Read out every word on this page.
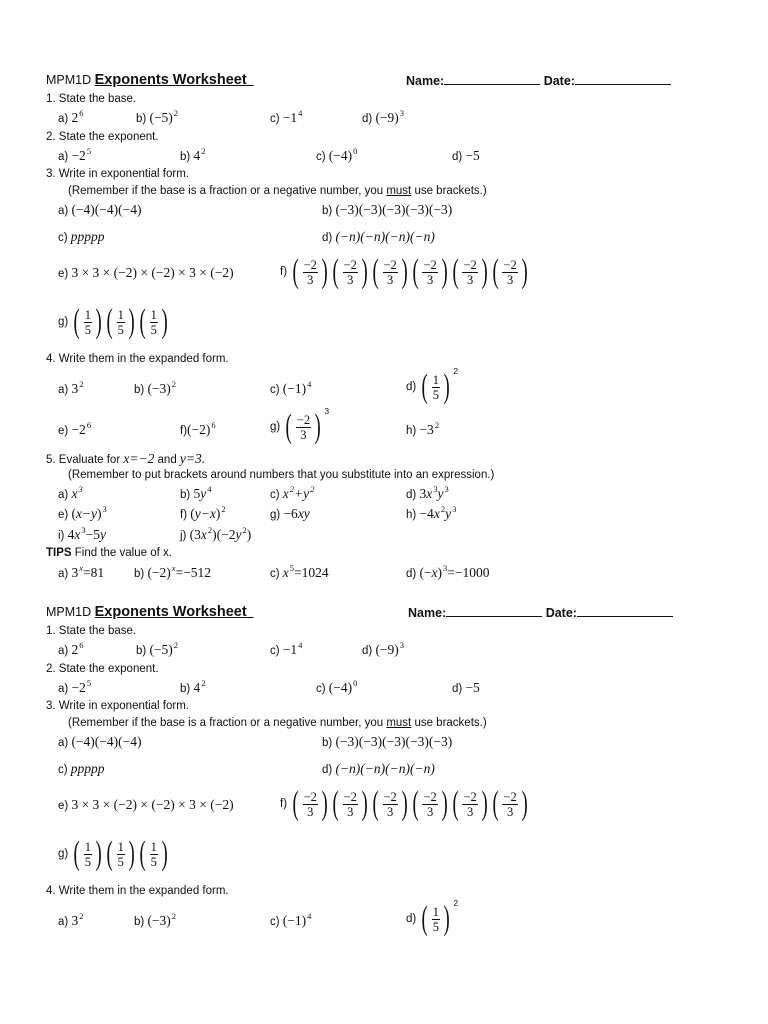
MPM1D Exponents Worksheet	Name:	Date:
1. State the base.
a) $2^6$	b) $(-5)^2$	$c) -1^4$	d) $(-9)^3$
2. State the exponent.
$a) -2^5$	b) $4^2$	c) $(-4)^0$	d) −5
3. Write in exponential form.
(Remember if the base is a fraction or a negative number, you must use brackets.)
a) (−4)(−4)(−4)	b) (−3)(−3)(−3)(−3)(−3)
c) ppppp	d) (−n)(−n)(−n)(−n)
e) 3 × 3 × (−2) × (−2) × 3 × (−2)	f) ( $\frac{-2}{3}$ ) ( $\frac{-2}{3}$ ) ( $\frac{-2}{3}$ ) ( $\frac{-2}{3}$ ) ( $\frac{-2}{3}$ ) ( $\frac{-2}{3}$ )
g) ( $\frac{1}{5}$ ) ( $\frac{1}{5}$ ) ( $\frac{1}{5}$ )
4. Write them in the expanded form.
a) $3^2$	b) $(-3)^2$	c) $(-1)^4$	d) ( $\frac{1}{5}$ ) $^2$
$e) -2^6$	$f)(-2)^6$	g) ( $\frac{-2}{3}$ ) $^3$
$h) -3^2$
5. Evaluate for x=−2 and y=3.
(Remember to put brackets around numbers that you substitute into an expression.)
a) $x^3$	b) $5y^4$	c) $x^2+y^2$	d) $3x^3y^3$
e) $(x-y)^3$	f) $(y-x)^2$	g) −6xy	$h) -4x^2y^3$
i) $4x^3-5y$	j) $(3x^2)(-2y^2)$
TIPS Find the value of x.
a) $3^x=81$	b) $(-2)^x=-512$	c) $x^5=1024$	d) $(-x)^3=-1000$
MPM1D Exponents Worksheet	Name:	Date:
1. State the base.
a) $2^6$	b) $(-5)^2$	$c) -1^4$	d) $(-9)^3$
2. State the exponent.
$a) -2^5$	b) $4^2$	c) $(-4)^0$	d) −5
3. Write in exponential form.
(Remember if the base is a fraction or a negative number, you must use brackets.)
a) (−4)(−4)(−4)	b) (−3)(−3)(−3)(−3)(−3)
c) ppppp	d) (−n)(−n)(−n)(−n)
e) 3 × 3 × (−2) × (−2) × 3 × (−2)	f) ( $\frac{-2}{3}$ ) ( $\frac{-2}{3}$ ) ( $\frac{-2}{3}$ ) ( $\frac{-2}{3}$ ) ( $\frac{-2}{3}$ ) ( $\frac{-2}{3}$ )
g) ( $\frac{1}{5}$ ) ( $\frac{1}{5}$ ) ( $\frac{1}{5}$ )
4. Write them in the expanded form.
a) $3^2$	b) $(-3)^2$	c) $(-1)^4$	d) ( $\frac{1}{5}$ ) $^2$
